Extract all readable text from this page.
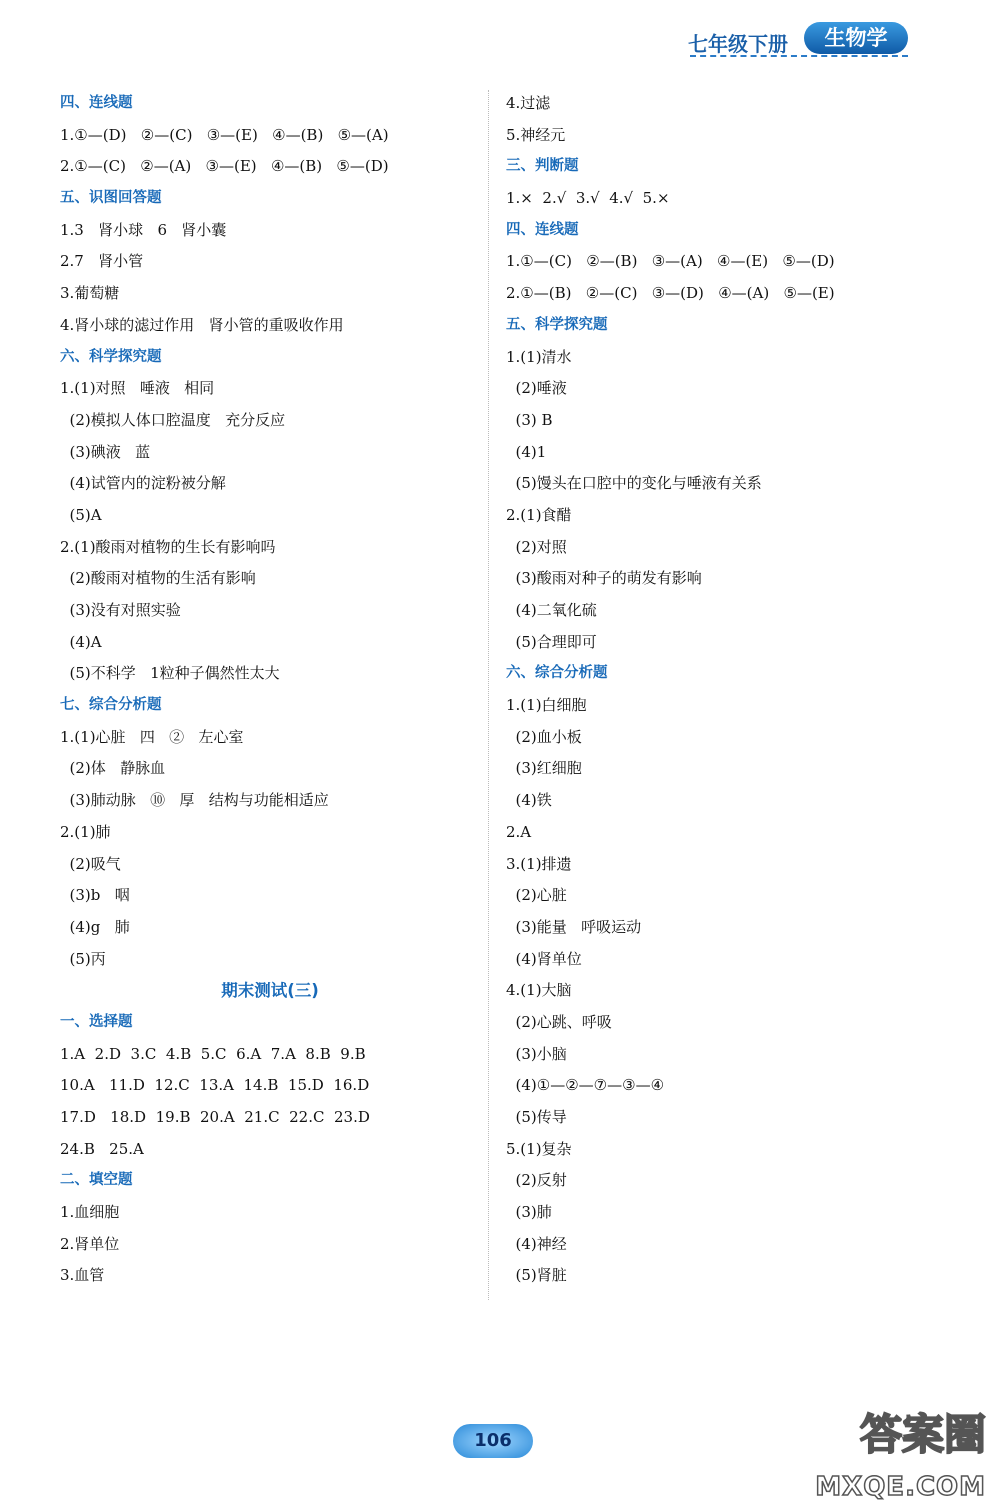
七年级下册	生物学
四、连线题
1.①—(D)   ②—(C)   ③—(E)   ④—(B)   ⑤—(A)
2.①—(C)   ②—(A)   ③—(E)   ④—(B)   ⑤—(D)
五、识图回答题
1.3   肾小球   6   肾小囊
2.7   肾小管
3.葡萄糖
4.肾小球的滤过作用   肾小管的重吸收作用
六、科学探究题
1.(1)对照   唾液   相同
(2)模拟人体口腔温度   充分反应
(3)碘液   蓝
(4)试管内的淀粉被分解
(5)A
2.(1)酸雨对植物的生长有影响吗
(2)酸雨对植物的生活有影响
(3)没有对照实验
(4)A
(5)不科学   1粒种子偶然性太大
七、综合分析题
1.(1)心脏   四   ②   左心室
(2)体   静脉血
(3)肺动脉   ⑩   厚   结构与功能相适应
2.(1)肺
(2)吸气
(3)b   咽
(4)g   肺
(5)丙
期末测试(三)
一、选择题
1.A  2.D  3.C  4.B  5.C  6.A  7.A  8.B  9.B
10.A   11.D  12.C  13.A  14.B  15.D  16.D
17.D   18.D  19.B  20.A  21.C  22.C  23.D
24.B   25.A
二、填空题
1.血细胞
2.肾单位
3.血管
4.过滤
5.神经元
三、判断题
1.×  2.√  3.√  4.√  5.×
四、连线题
1.①—(C)   ②—(B)   ③—(A)   ④—(E)   ⑤—(D)
2.①—(B)   ②—(C)   ③—(D)   ④—(A)   ⑤—(E)
五、科学探究题
1.(1)清水
(2)唾液
(3) B
(4)1
(5)馒头在口腔中的变化与唾液有关系
2.(1)食醋
(2)对照
(3)酸雨对种子的萌发有影响
(4)二氧化硫
(5)合理即可
六、综合分析题
1.(1)白细胞
(2)血小板
(3)红细胞
(4)铁
2.A
3.(1)排遗
(2)心脏
(3)能量   呼吸运动
(4)肾单位
4.(1)大脑
(2)心跳、呼吸
(3)小脑
(4)①—②—⑦—③—④
(5)传导
5.(1)复杂
(2)反射
(3)肺
(4)神经
(5)肾脏
106	答案圈
MXQE.COM
